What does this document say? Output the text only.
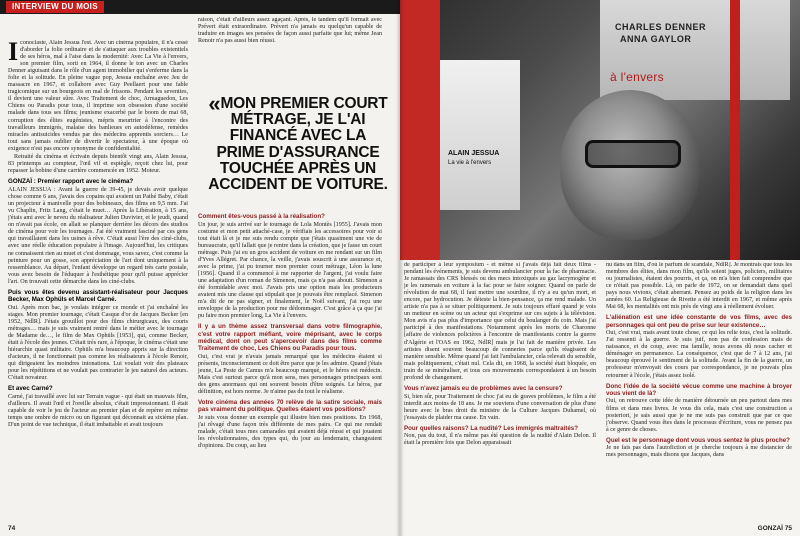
INTERVIEW DU MOIS

Iconoclaste, Alain Jessua l'est. Avec un cinéma populaire, il n'a cessé d'aborder la folie ordinaire et de s'attaquer aux troubles existentiels de ses héros, mal à l'aise dans la modernité: Avec La Vie à l'envers, son premier film, sorti en 1964, il donne le ton avec un Charles Denner aiguisant dans le rôle d'un agent immobilier qui s'enferme dans la folie et la solitude. En pleine vague pop, Jessua enchaîne avec Jeu de massacre en 1967, et collabore avec Guy Peellaert pour une fable tragicomique sur un bourgeois en mal de frissons. Pendant les seventies, il devient une valeur sûre. Avec Traitement de choc, Armaguedon, Les Chiens ou Paradis pour tous, il imprime son obsession d'une société malade dans tous ses films; jeunisme exacerbé par le boom de mai 68, corruption des élites eugénistes, mépris meurtrier à l'encontre des travailleurs immigrés, malaise des banlieues en autodéfense, remèdes miracles antisuicides vendus par des médecins apprentis sorciers… Le tout sans jamais oublier de divertir le spectateur, à une époque où exigence n'est pas encore synonyme de confidentialité.

Retraité du cinéma et écrivain depuis bientôt vingt ans, Alain Jessua, 83 printemps au compteur, l'œil vif et espiègle, reçoit chez lui, pour repasser la bobine d'une carrière commencée en 1952. Moteur.

GONZAÏ : Premier rapport avec le cinéma?

ALAIN JESSUA : Avant la guerre de 39-45, je devais avoir quelque chose comme 6 ans, j'avais des copains qui avaient un Pathé Baby, c'était un projecteur à manivelle pour des bobineaux, des films en 9,5 mm. J'ai vu Chaplin, Fritz Lang, c'était le muet… Après la Libération, à 15 ans, j'étais ami avec le neveu du réalisateur Julien Duvivier, et le jeudi, quand on n'avait pas école, on allait se planquer derrière les décors des studios de cinéma pour voir les tournages. J'ai été vraiment fasciné par ces gens qui travaillaient dans les usines à rêve. C'était aussi l'ère des ciné-clubs, avec une réelle éducation populaire à l'image. Aujourd'hui, les critiques ne connaissent rien au muet et c'est dommage, vous savez, c'est comme la peinture pour un gosse, son appréciation de l'art dont uniquement à la ressemblance. Au départ, l'enfant développe un regard très carte postale, vous avez besoin de l'éduquer à l'esthétique pour qu'il puisse apprécier l'art. On trouvait cette démarche dans les ciné-clubs.

Puis vous êtes devenu assistant-réalisateur pour Jacques Becker, Max Ophüls et Marcel Carné.

Oui. Après mon bac, je voulais intégrer ce monde et j'ai enchaîné les stages. Mon premier tournage, c'était Casque d'or de Jacques Becker [en 1952, NdlR]. J'étais grouillot pour des films chirurgicaux, des courts métrages… mais je suis vraiment rentré dans le métier avec le tournage de Madame de…, le film de Max Ophüls [1953], qui, comme Becker, était à l'école des jeunes. C'était très rare, à l'époque, le cinéma c'était une hiérarchie quasi militaire. Ophüls m'a beaucoup appris sur la direction d'acteurs, il ne fonctionnait pas comme les réalisateurs à l'école Renoir, qui dirigeaient les moindres intonations. Lui voulait voir des plateaux pour les répétitions et ne voulait pas contrarier le jeu naturel des acteurs. C'était novateur.

Et avec Carné?

Carné, j'ai travaillé avec lui sur Terrain vague - qui était un mauvais film, d'ailleurs. Il avait l'œil et l'oreille absolus, c'était impressionnant. Il était capable de voir le jeu de l'acteur au premier plan et de repérer en même temps une ombre de micro ou un figurant qui déconnait au sixième plan. D'un point de vue technique, il était imbattable et avait toujours

raison, c'était d'ailleurs assez agaçant. Après, le tandem qu'il formait avec Prévert était extraordinaire. Prévert n'a jamais eu quelqu'un capable de traduire en images ses pensées de façon aussi parfaite que lui; même Jean Renoir n'a pas aussi bien réussi.

«MON PREMIER COURT MÉTRAGE, JE L'AI FINANCÉ AVEC LA PRIME D'ASSURANCE TOUCHÉE APRÈS UN ACCIDENT DE VOITURE.

Comment êtes-vous passé à la réalisation?

Un jour, je suis arrivé sur le tournage de Lola Montès [1955]. J'avais mon costume et mon petit attaché-case, je vérifiais les accessoires pour voir si tout était là et je me suis rendu compte que j'étais quasiment une vie de bureaucrate, qu'il fallait que je rentre dans la création, que je fasse un court métrage. Puis j'ai eu un gros accident de voiture en me rendant sur un film d'Yves Allégret. Par chance, la veille, j'avais souscrit à une assurance et, avec la prime, j'ai pu tourner mon premier court métrage, Léon la lune [1956]. Quand il a commencé à me rapporter de l'argent, j'ai voulu faire une adaptation d'un roman de Simenon, mais ça n'a pas abouti. Simenon a été formidable avec moi. J'avais pris une option mais les producteurs avaient mis une clause qui stipulait que je pouvais être remplacé. Simenon m'a dit de ne pas signer, et finalement, le Noël suivant, j'ai reçu une enveloppe de la production pour me dédommager. C'est grâce à ça que j'ai pu faire mon premier long, La Vie à l'envers.

Il y a un thème assez transversal dans votre filmographie, c'est votre rapport méfiant, voire méprisant, avec le corps médical, dont on peut s'apercevoir dans des films comme Traitement de choc, Les Chiens ou Paradis pour tous.

Oui, c'est vrai je n'avais jamais remarqué que les médecins étaient si présents, inconsciemment ce doit être parce que je les admire. Quand j'étais jeune, La Peste de Camus m'a beaucoup marqué, et le héros est médecin. Mais c'est surtout parce qu'à mon sens, mes personnages principaux sont des gens anormaux qui ont souvent besoin d'être soignés. Le héros, par définition, est hors norme. Je n'aime pas du tout le réalisme.

Votre cinéma des années 70 relève de la satire sociale, mais pas vraiment du politique. Quelles étaient vos positions?

Je suis vous donner un exemple qui illustre bien mes positions. En 1968, j'ai rêvagé d'une façon très différente de mes pairs. Ce qui me rendait malade, c'était tous mes camarades qui avaient déjà réussi et qui jouaient les révolutionnaires, des types qui, du jour au lendemain, changeaient d'opinions. Du coup, au lieu

74	GONZAÏ 75
ALAIN JESSUA
La vie à l'envers
CHARLES DENNER
ANNA GAYLOR
à l'envers

de participer à leur symposium - et même si j'avais déjà fait deux films - pendant les événements, je suis devenu ambulancier pour la fac de pharmacie. Je ramassais des CRS blessés ou des mecs intoxiqués au gaz lacrymogène et je les ramenais en voiture à la fac pour se faire soigner. Quand on parle de révolution de mai 68, il faut mettre une sourdine, il n'y a eu qu'un mort, et encore, par hydrocution. Je déteste la bien-pensance, ça me rend malade. Un artiste n'a pas à se situer politiquement. Je suis toujours effaré quand je vois un metteur en scène ou un acteur qui s'exprime sur ces sujets à la télévision. Mon avis n'a pas plus d'importance que celui du boulanger du coin. Mais j'ai participé à des manifestations. Notamment après les morts de Charonne [affaire de violences policières à l'encontre de manifestants contre la guerre d'Algérie et l'OAS en 1962, NdlR] mais je l'ai fait de manière privée. Les artistes disent souvent beaucoup de conneries parce qu'ils réagissent de manière sensible. Même quand j'ai fait l'ambulancier, cela relevait du sensible, mais politiquement, c'était nul. Cela dit, en 1968, la société était bloquée, en train de se minéraliser, et tous ces mouvements correspondaient à un besoin profond de changement.

Vous n'avez jamais eu de problèmes avec la censure?

Si, bien sûr, pour Traitement de choc j'ai eu de graves problèmes, le film a été interdit aux moins de 18 ans. Je me souviens d'une conversation de plus d'une heure avec le bras droit du ministre de la Culture Jacques Duhamel, où j'essayais de plaider ma cause. En vain.

Pour quelles raisons? La nudité? Les immigrés maltraités?

Non, pas du tout, il n'a même pas été question de la nudité d'Alain Delon. Il était la première fois que Delon apparaissait

nu dans un film, d'où le parfum de scandale, NdlR]. Je montrais que tous les membres des élites, dans mon film, qu'ils soient juges, policiers, militaires ou journalistes, étaient des pourris, et ça, on m'a bien fait comprendre que ce n'était pas possible. Là, on parle de 1972, on se demandait dans quel pays nous vivions, c'était aberrant. Pensez au poids de la religion dans les années 60. La Religieuse de Rivette a été interdit en 1967, et même après Mai 68, les mentalités ont mis près de vingt ans à réellement évoluer.

L'aliénation est une idée constante de vos films, avec des personnages qui ont peu de prise sur leur existence…

Oui, c'est vrai, mais avant toute chose, ce qui les relie tous, c'est la solitude. J'ai ressenti à la guerre. Je suis juif, non pas de confession mais de naissance, et du coup, avec ma famille, nous avons dû nous cacher et déménager en permanence. La conséquence, c'est que de 7 à 12 ans, j'ai beaucoup éprouvé le sentiment de la solitude. Avant la fin de la guerre, un professeur m'envoyait des cours par correspondance, je ne pouvais plus retourner à l'école, j'étais assez isolé.

Donc l'idée de la société vécue comme une machine à broyer vous vient de là?

Oui, on retrouve cette idée de manière détournée un peu partout dans mes films et dans mes livres. Je vous dis cela, mais c'est une construction a posteriori, je sais aussi que je ne me suis pas construit que par ce que j'observe. Quand vous êtes dans le processus d'écriture, vous ne pensez pas à ce genre de choses.

Quel est le personnage dont vous vous sentez le plus proche?

Je ne fais pas dans l'autofiction et je cherche toujours à me distancier de mes personnages, mais disons que Jacques, dans
